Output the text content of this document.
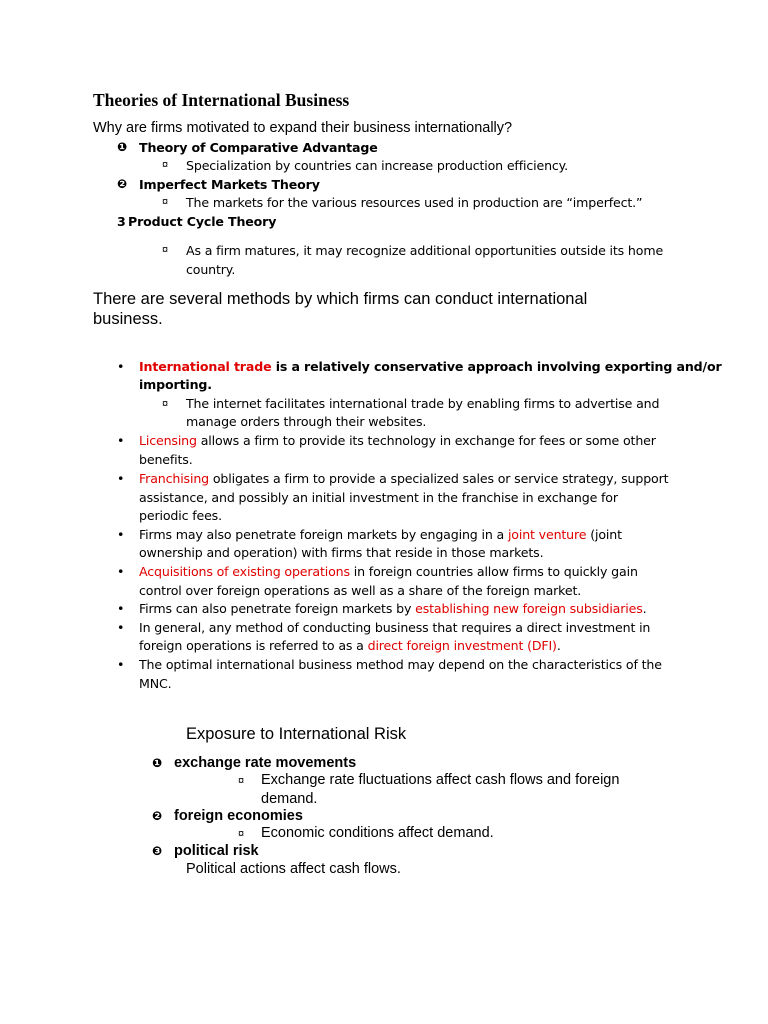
Theories of International Business
Why are firms motivated to expand their business internationally?
❶ Theory of Comparative Advantage
¤ Specialization by countries can increase production efficiency.
❷ Imperfect Markets Theory
¤ The markets for the various resources used in production are “imperfect.”
3 Product Cycle Theory
¤ As a firm matures, it may recognize additional opportunities outside its home
country.
There are several methods by which firms can conduct international
business.
• International trade is a relatively conservative approach involving exporting and/or
importing.
¤ The internet facilitates international trade by enabling firms to advertise and
manage orders through their websites.
• Licensing allows a firm to provide its technology in exchange for fees or some other
benefits.
• Franchising obligates a firm to provide a specialized sales or service strategy, support
assistance, and possibly an initial investment in the franchise in exchange for
periodic fees.
• Firms may also penetrate foreign markets by engaging in a joint venture (joint
ownership and operation) with firms that reside in those markets.
• Acquisitions of existing operations in foreign countries allow firms to quickly gain
control over foreign operations as well as a share of the foreign market.
• Firms can also penetrate foreign markets by establishing new foreign subsidiaries.
• In general, any method of conducting business that requires a direct investment in
foreign operations is referred to as a direct foreign investment (DFI).
• The optimal international business method may depend on the characteristics of the
MNC.
Exposure to International Risk
❶ exchange rate movements
¤ Exchange rate fluctuations affect cash flows and foreign
demand.
❷ foreign economies
¤ Economic conditions affect demand.
❸ political risk
Political actions affect cash flows.
